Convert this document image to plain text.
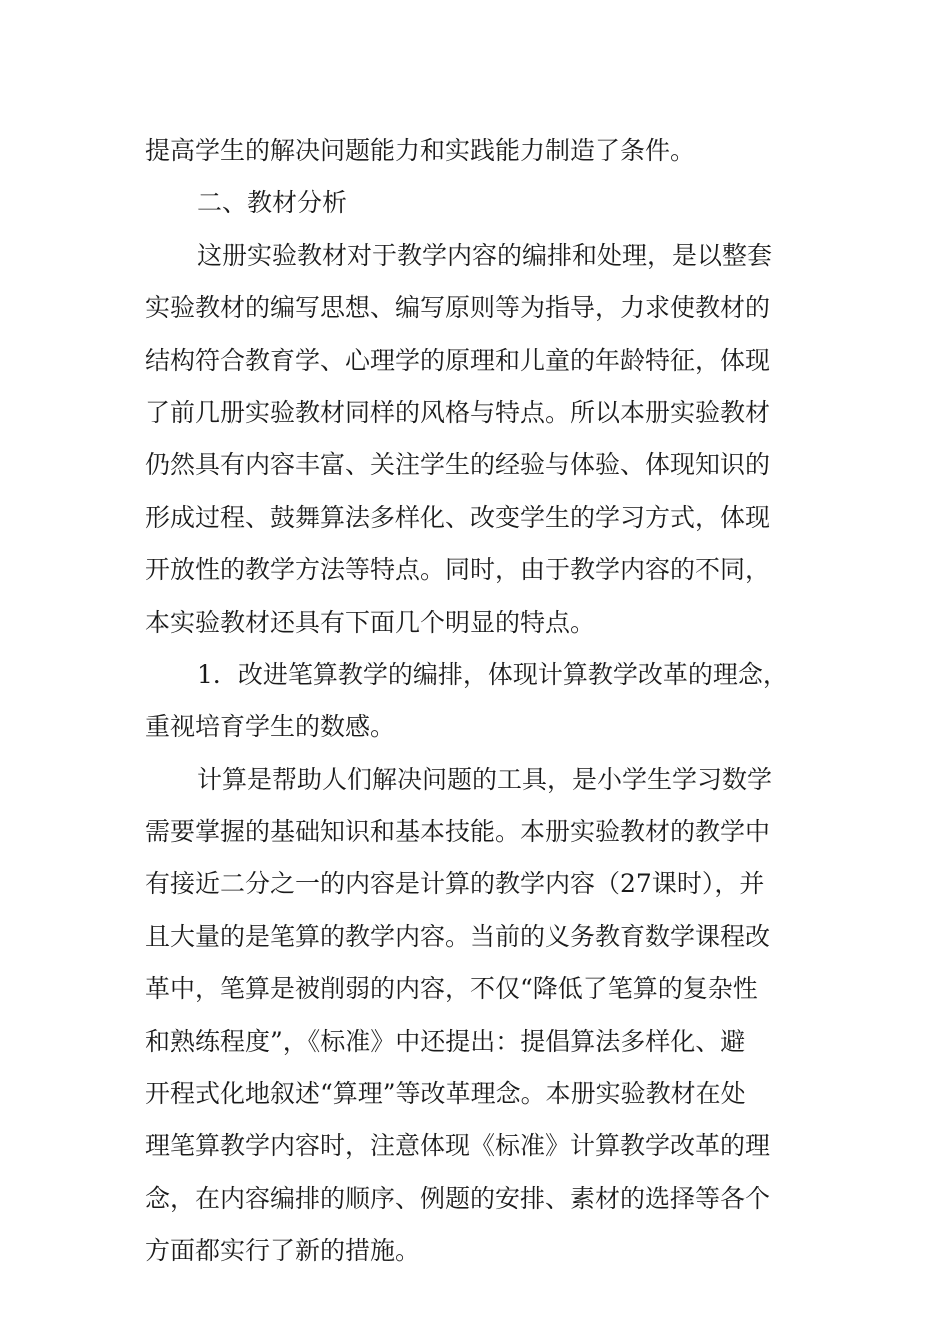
提高学生的解决问题能力和实践能力制造了条件。
二、教材分析
这册实验教材对于教学内容的编排和处理，是以整套
实验教材的编写思想、编写原则等为指导，力求使教材的
结构符合教育学、心理学的原理和儿童的年龄特征，体现
了前几册实验教材同样的风格与特点。所以本册实验教材
仍然具有内容丰富、关注学生的经验与体验、体现知识的
形成过程、鼓舞算法多样化、改变学生的学习方式，体现
开放性的教学方法等特点。同时，由于教学内容的不同，
本实验教材还具有下面几个明显的特点。
1．改进笔算教学的编排，体现计算教学改革的理念，
重视培育学生的数感。
计算是帮助人们解决问题的工具，是小学生学习数学
需要掌握的基础知识和基本技能。本册实验教材的教学中
有接近二分之一的内容是计算的教学内容（27课时），并
且大量的是笔算的教学内容。当前的义务教育数学课程改
革中，笔算是被削弱的内容，不仅“降低了笔算的复杂性
和熟练程度”，《标准》中还提出：提倡算法多样化、避
开程式化地叙述“算理”等改革理念。本册实验教材在处
理笔算教学内容时，注意体现《标准》计算教学改革的理
念，在内容编排的顺序、例题的安排、素材的选择等各个
方面都实行了新的措施。
